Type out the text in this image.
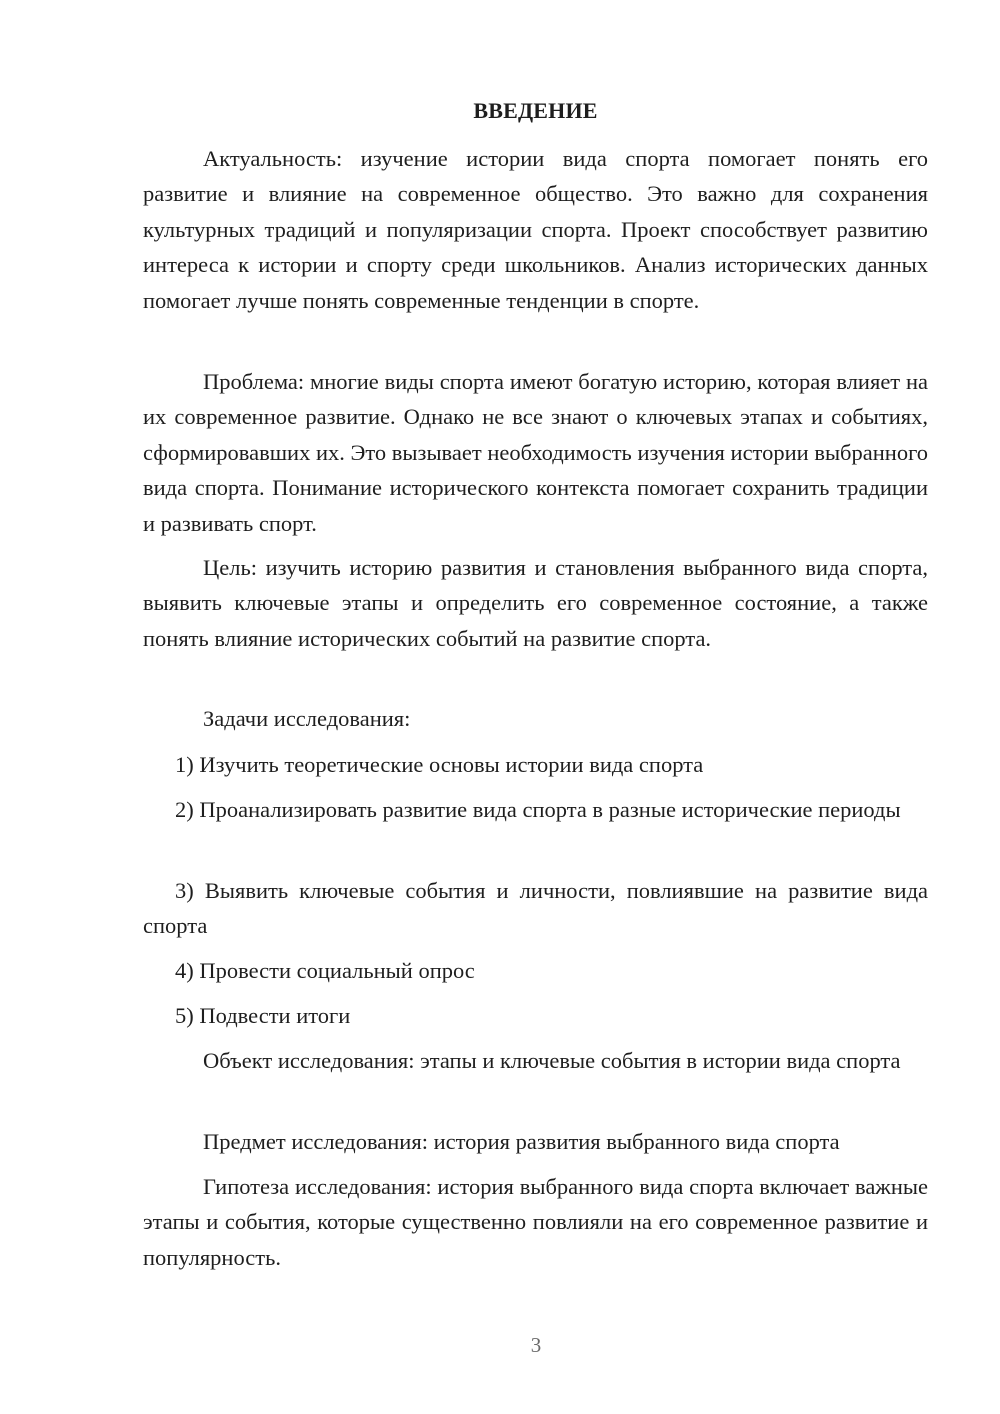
ВВЕДЕНИЕ

Актуальность: изучение истории вида спорта помогает понять его развитие и влияние на современное общество. Это важно для сохранения культурных традиций и популяризации спорта. Проект способствует развитию интереса к истории и спорту среди школьников. Анализ исторических данных помогает лучше понять современные тенденции в спорте.

Проблема: многие виды спорта имеют богатую историю, которая влияет на их современное развитие. Однако не все знают о ключевых этапах и событиях, сформировавших их. Это вызывает необходимость изучения истории выбранного вида спорта. Понимание исторического контекста помогает сохранить традиции и развивать спорт.

Цель: изучить историю развития и становления выбранного вида спорта, выявить ключевые этапы и определить его современное состояние, а также понять влияние исторических событий на развитие спорта.

Задачи исследования:

1) Изучить теоретические основы истории вида спорта

2) Проанализировать развитие вида спорта в разные исторические периоды

3) Выявить ключевые события и личности, повлиявшие на развитие вида спорта

4) Провести социальный опрос

5) Подвести итоги

Объект исследования: этапы и ключевые события в истории вида спорта

Предмет исследования: история развития выбранного вида спорта

Гипотеза исследования: история выбранного вида спорта включает важные этапы и события, которые существенно повлияли на его современное развитие и популярность.

3
